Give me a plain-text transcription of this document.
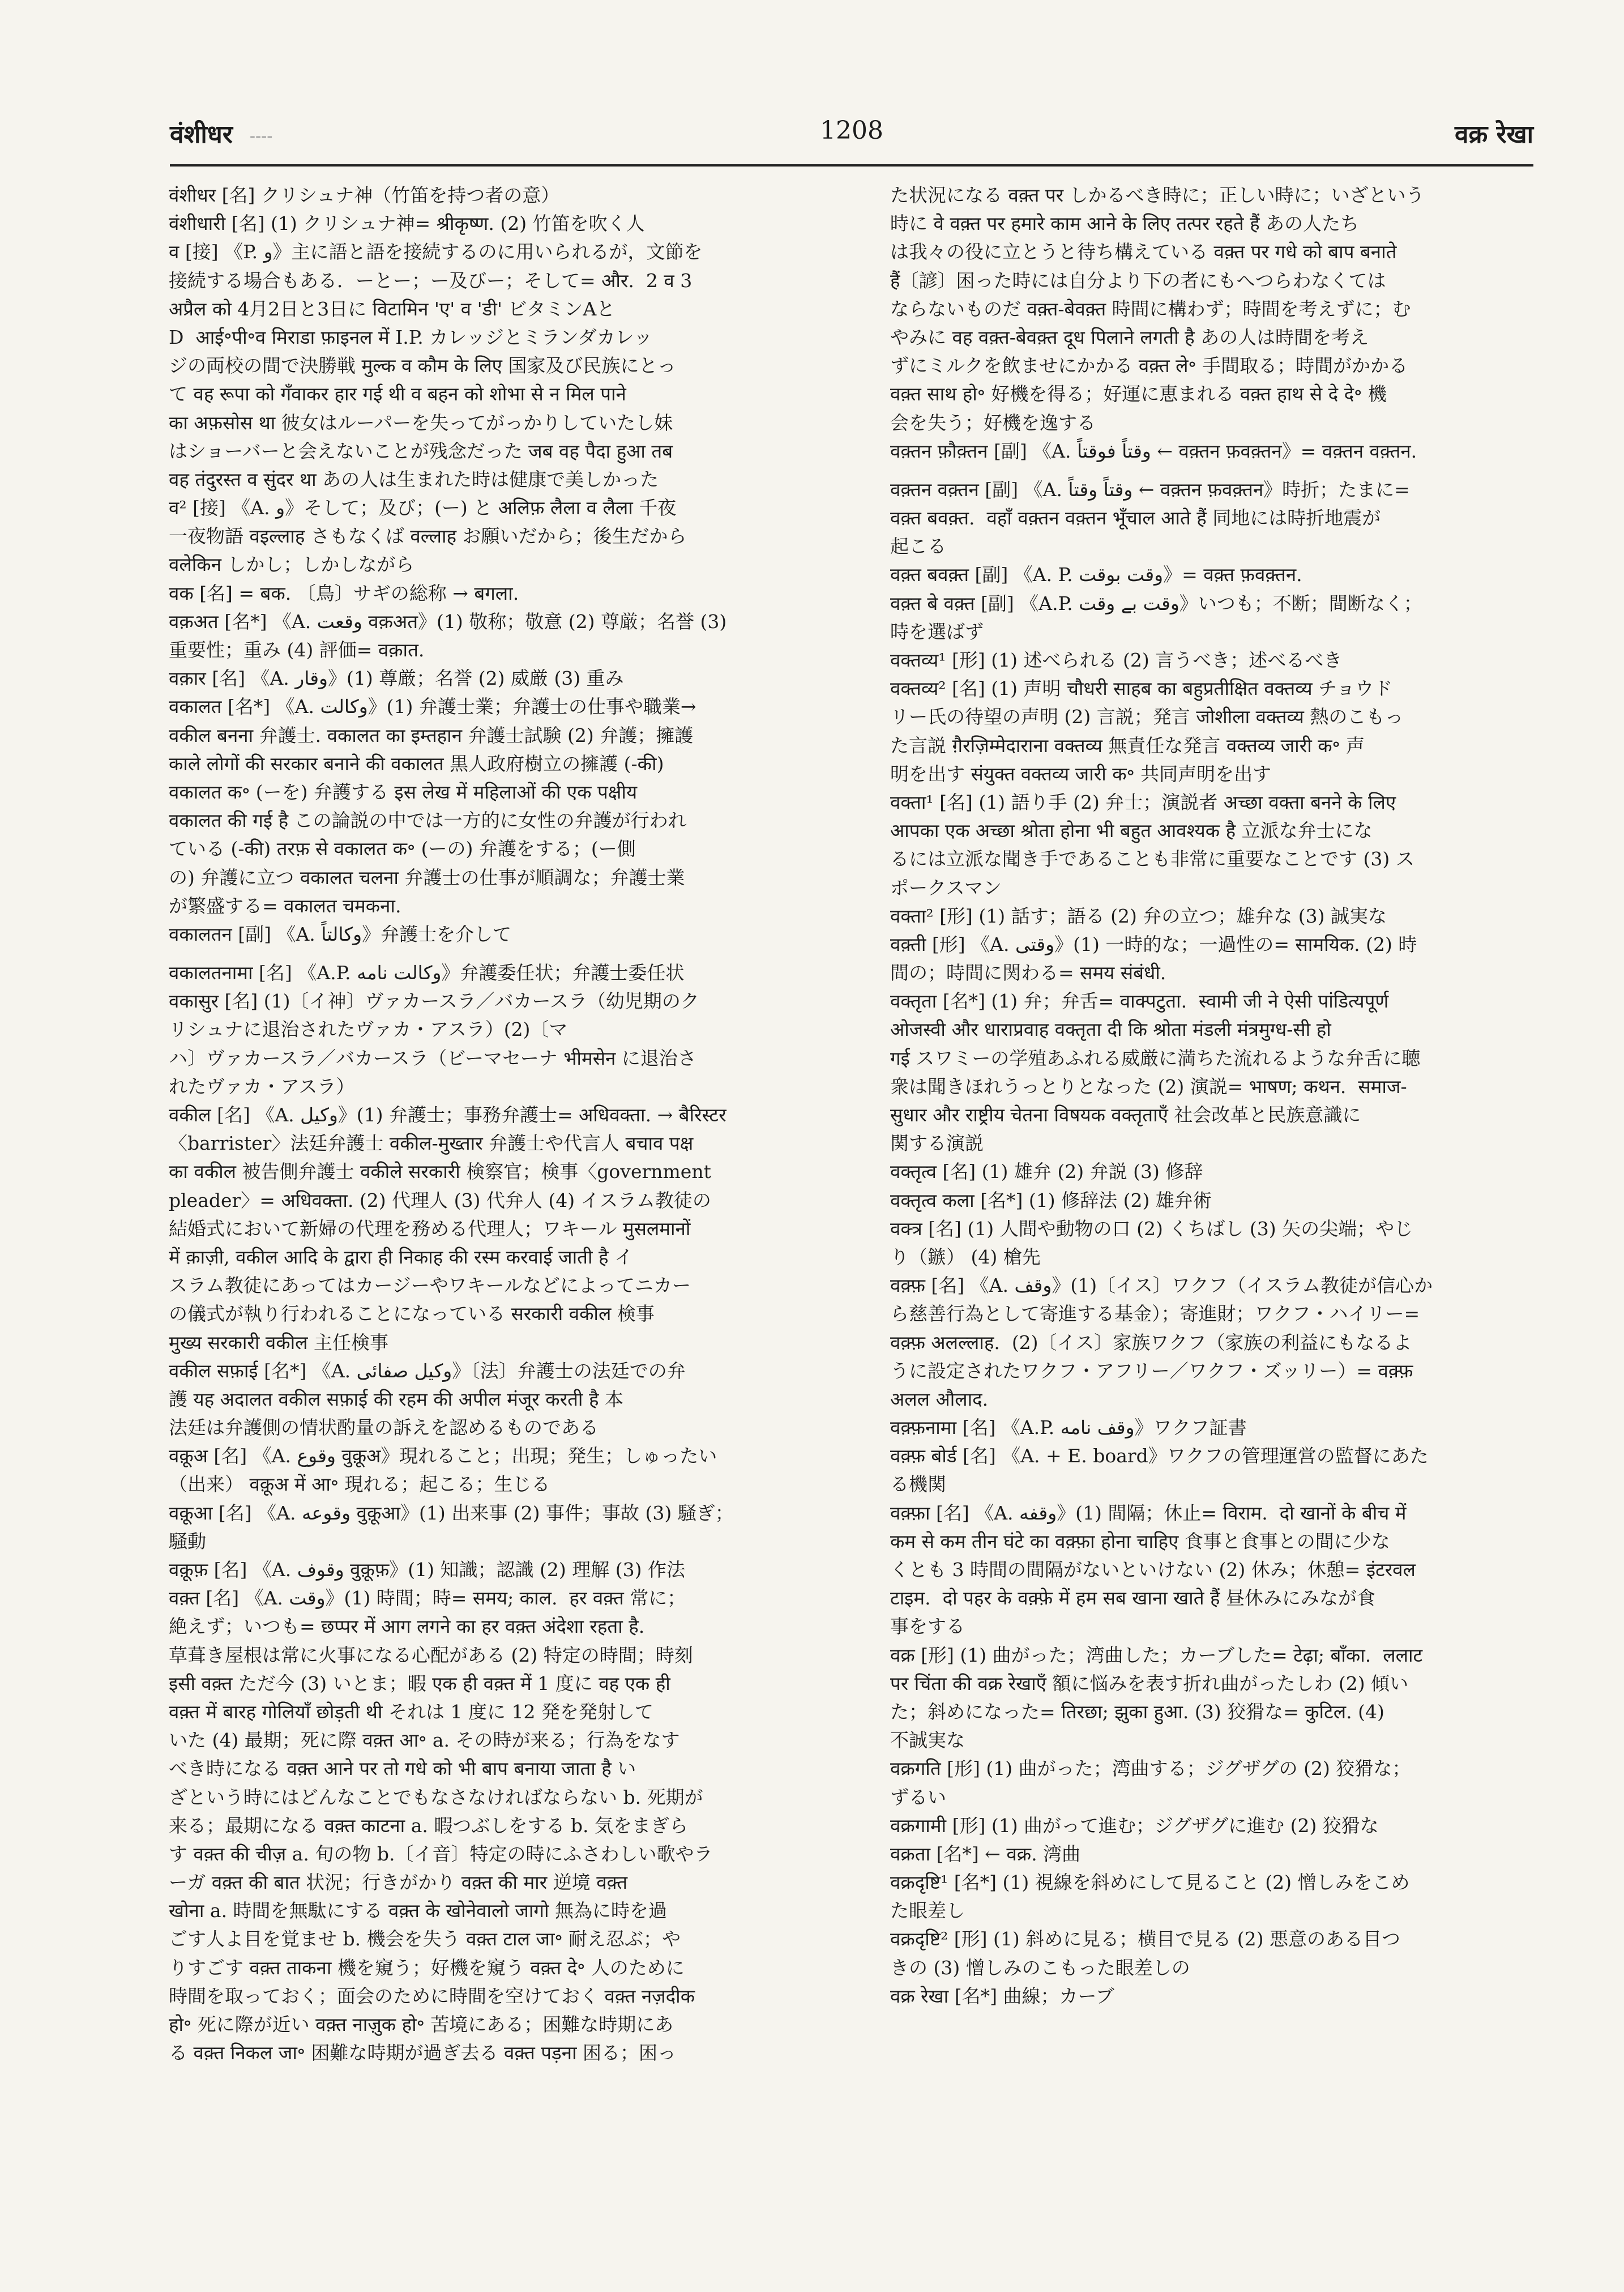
वंशीधर ----	1208	वक्र रेखा
वंशीधर [名] クリシュナ神（竹笛を持つ者の意）
वंशीधारी [名] (1) クリシュナ神= श्रीकृष्ण. (2) 竹笛を吹く人
व [接] 《P. و》主に語と語を接続するのに用いられるが，文節を
接続する場合もある．ーとー；ー及びー；そして= और.  2 व 3
अप्रैल को 4月2日と3日に विटामिन 'ए' व 'डी' ビタミンAと
D  आई॰पी॰व मिराडा फ़ाइनल में I.P. カレッジとミランダカレッ
ジの両校の間で決勝戦 मुल्क व कौम के लिए 国家及び民族にとっ
て वह रूपा को गँवाकर हार गई थी व बहन को शोभा से न मिल पाने
का अफ़सोस था 彼女はルーパーを失ってがっかりしていたし妹
はショーバーと会えないことが残念だった जब वह पैदा हुआ तब
वह तंदुरस्त व सुंदर था あの人は生まれた時は健康で美しかった
व² [接] 《A. و》そして；及び；(ー) と अलिफ़ लैला व लैला 千夜
一夜物語 वइल्लाह さもなくば वल्लाह お願いだから；後生だから
वलेकिन しかし；しかしながら
वक [名] = बक. 〔鳥〕サギの総称 → बगला.
वक़अत [名*] 《A. وقعت वक़अत》(1) 敬称；敬意 (2) 尊厳；名誉 (3)
重要性；重み (4) 評価= वक़ात.
वक़ार [名] 《A. وقار》(1) 尊厳；名誉 (2) 威厳 (3) 重み
वकालत [名*] 《A. وكالت》(1) 弁護士業；弁護士の仕事や職業→
वकील बनना 弁護士. वकालत का इम्तहान 弁護士試験 (2) 弁護；擁護
काले लोगों की सरकार बनाने की वकालत 黒人政府樹立の擁護 (-की)
वकालत क॰ (ーを) 弁護する इस लेख में महिलाओं की एक पक्षीय
वकालत की गई है この論説の中では一方的に女性の弁護が行われ
ている (-की) तरफ़ से वकालत क॰ (ーの) 弁護をする；(ー側
の) 弁護に立つ वकालत चलना 弁護士の仕事が順調な；弁護士業
が繁盛する= वकालत चमकना.
वकालतन [副] 《A. وكالتاً》弁護士を介して
वकालतनामा [名] 《A.P. وكالت نامه》弁護委任状；弁護士委任状
वकासुर [名] (1)〔イ神〕ヴァカースラ／バカースラ（幼児期のク
リシュナに退治されたヴァカ・アスラ）(2)〔マ
ハ〕ヴァカースラ／バカースラ（ビーマセーナ भीमसेन に退治さ
れたヴァカ・アスラ）
वकील [名] 《A. وكيل》(1) 弁護士；事務弁護士= अधिवक्ता. → बैरिस्टर
〈barrister〉法廷弁護士 वकील-मुख्तार 弁護士や代言人 बचाव पक्ष
का वकील 被告側弁護士 वकीले सरकारी 検察官；検事〈government
pleader〉= अधिवक्ता. (2) 代理人 (3) 代弁人 (4) イスラム教徒の
結婚式において新婦の代理を務める代理人；ワキール मुसलमानों
में क़ाज़ी, वकील आदि के द्वारा ही निकाह की रस्म करवाई जाती है イ
スラム教徒にあってはカージーやワキールなどによってニカー
の儀式が執り行われることになっている सरकारी वकील 検事
मुख्य सरकारी वकील 主任検事
वकील सफ़ाई [名*] 《A. وكيل صفائی》〔法〕弁護士の法廷での弁
護 यह अदालत वकील सफ़ाई की रहम की अपील मंजूर करती है 本
法廷は弁護側の情状酌量の訴えを認めるものである
वक़ूअ [名] 《A. وقوع वुक़ूअ》現れること；出現；発生；しゅったい
（出来） वक़ूअ में आ॰ 現れる；起こる；生じる
वक़ूआ [名] 《A. وقوعه वुक़ूआ》(1) 出来事 (2) 事件；事故 (3) 騒ぎ；
騒動
वक़ूफ़ [名] 《A. وقوف वुक़ूफ़》(1) 知識；認識 (2) 理解 (3) 作法
वक़्त [名] 《A. وقت》(1) 時間；時= समय; काल.  हर वक़्त 常に；
絶えず；いつも= छप्पर में आग लगने का हर वक़्त अंदेशा रहता है.
草葺き屋根は常に火事になる心配がある (2) 特定の時間；時刻
इसी वक़्त ただ今 (3) いとま；暇 एक ही वक़्त में 1 度に वह एक ही
वक़्त में बारह गोलियाँ छोड़ती थी それは 1 度に 12 発を発射して
いた (4) 最期；死に際 वक़्त आ॰ a. その時が来る；行為をなす
べき時になる वक़्त आने पर तो गधे को भी बाप बनाया जाता है い
ざという時にはどんなことでもなさなければならない b. 死期が
来る；最期になる वक़्त काटना a. 暇つぶしをする b. 気をまぎら
す वक़्त की चीज़ a. 旬の物 b.〔イ音〕特定の時にふさわしい歌やラ
ーガ वक़्त की बात 状況；行きがかり वक़्त की मार 逆境 वक़्त
खोना a. 時間を無駄にする वक़्त के खोनेवालो जागो 無為に時を過
ごす人よ目を覚ませ b. 機会を失う वक़्त टाल जा॰ 耐え忍ぶ；や
りすごす वक़्त ताकना 機を窺う；好機を窺う वक़्त दे॰ 人のために
時間を取っておく；面会のために時間を空けておく वक़्त नज़दीक
हो॰ 死に際が近い वक़्त नाज़ुक हो॰ 苦境にある；困難な時期にあ
る वक़्त निकल जा॰ 困難な時期が過ぎ去る वक़्त पड़ना 困る；困っ
た状況になる वक़्त पर しかるべき時に；正しい時に；いざという
時に वे वक़्त पर हमारे काम आने के लिए तत्पर रहते हैं あの人たち
は我々の役に立とうと待ち構えている वक़्त पर गधे को बाप बनाते
हैं〔諺〕困った時には自分より下の者にもへつらわなくては
ならないものだ वक़्त-बेवक़्त 時間に構わず；時間を考えずに；む
やみに वह वक़्त-बेवक़्त दूध पिलाने लगती है あの人は時間を考え
ずにミルクを飲ませにかかる वक़्त ले॰ 手間取る；時間がかかる
वक़्त साथ हो॰ 好機を得る；好運に恵まれる वक़्त हाथ से दे दे॰ 機
会を失う；好機を逸する
वक़्तन फ़ौक़्तन [副] 《A. وقتاً فوقتاً ← वक़्तन फ़वक़्तन》= वक़्तन वक़्तन.
वक़्तन वक़्तन [副] 《A. وقتاً وقتاً ← वक़्तन फ़वक़्तन》時折；たまに=
वक़्त बवक़्त.  वहाँ वक़्तन वक़्तन भूँचाल आते हैं 同地には時折地震が
起こる
वक़्त बवक़्त [副] 《A. P. وقت بوقت》= वक़्त फ़वक़्तन.
वक़्त बे वक़्त [副] 《A.P. وقت بے وقت》いつも；不断；間断なく；
時を選ばず
वक्तव्य¹ [形] (1) 述べられる (2) 言うべき；述べるべき
वक्तव्य² [名] (1) 声明 चौधरी साहब का बहुप्रतीक्षित वक्तव्य チョウド
リー氏の待望の声明 (2) 言説；発言 जोशीला वक्तव्य 熱のこもっ
た言説 ग़ैरज़िम्मेदाराना वक्तव्य 無責任な発言 वक्तव्य जारी क॰ 声
明を出す संयुक्त वक्तव्य जारी क॰ 共同声明を出す
वक्ता¹ [名] (1) 語り手 (2) 弁士；演説者 अच्छा वक्ता बनने के लिए
आपका एक अच्छा श्रोता होना भी बहुत आवश्यक है 立派な弁士にな
るには立派な聞き手であることも非常に重要なことです (3) ス
ポークスマン
वक्ता² [形] (1) 話す；語る (2) 弁の立つ；雄弁な (3) 誠実な
वक़्ती [形] 《A. وقتی》(1) 一時的な；一過性の= सामयिक. (2) 時
間の；時間に関わる= समय संबंधी.
वक्तृता [名*] (1) 弁；弁舌= वाक्पटुता.  स्वामी जी ने ऐसी पांडित्यपूर्ण
ओजस्वी और धाराप्रवाह वक्तृता दी कि श्रोता मंडली मंत्रमुग्ध-सी हो
गई スワミーの学殖あふれる威厳に満ちた流れるような弁舌に聴
衆は聞きほれうっとりとなった (2) 演説= भाषण; कथन.  समाज-
सुधार और राष्ट्रीय चेतना विषयक वक्तृताएँ 社会改革と民族意識に
関する演説
वक्तृत्व [名] (1) 雄弁 (2) 弁説 (3) 修辞
वक्तृत्व कला [名*] (1) 修辞法 (2) 雄弁術
वक्त्र [名] (1) 人間や動物の口 (2) くちばし (3) 矢の尖端；やじ
り（鏃） (4) 槍先
वक़्फ़ [名] 《A. وقف》(1)〔イス〕ワクフ（イスラム教徒が信心か
ら慈善行為として寄進する基金）；寄進財；ワクフ・ハイリー=
वक़्फ़ अलल्लाह.  (2)〔イス〕家族ワクフ（家族の利益にもなるよ
うに設定されたワクフ・アフリー／ワクフ・ズッリー）= वक़्फ़
अलल औलाद.
वक़्फ़नामा [名] 《A.P. وقف نامه》ワクフ証書
वक़्फ़ बोर्ड [名] 《A. + E. board》ワクフの管理運営の監督にあた
る機関
वक़्फ़ा [名] 《A. وقفه》(1) 間隔；休止= विराम.  दो खानों के बीच में
कम से कम तीन घंटे का वक़्फ़ा होना चाहिए 食事と食事との間に少な
くとも 3 時間の間隔がないといけない (2) 休み；休憩= इंटरवल
टाइम.  दो पहर के वक़्फ़े में हम सब खाना खाते हैं 昼休みにみなが食
事をする
वक्र [形] (1) 曲がった；湾曲した；カーブした= टेढ़ा; बाँका.  ललाट
पर चिंता की वक्र रेखाएँ 額に悩みを表す折れ曲がったしわ (2) 傾い
た；斜めになった= तिरछा; झुका हुआ. (3) 狡猾な= कुटिल. (4)
不誠実な
वक्रगति [形] (1) 曲がった；湾曲する；ジグザグの (2) 狡猾な；
ずるい
वक्रगामी [形] (1) 曲がって進む；ジグザグに進む (2) 狡猾な
वक्रता [名*] ← वक्र. 湾曲
वक्रदृष्टि¹ [名*] (1) 視線を斜めにして見ること (2) 憎しみをこめ
た眼差し
वक्रदृष्टि² [形] (1) 斜めに見る；横目で見る (2) 悪意のある目つ
きの (3) 憎しみのこもった眼差しの
वक्र रेखा [名*] 曲線；カーブ
